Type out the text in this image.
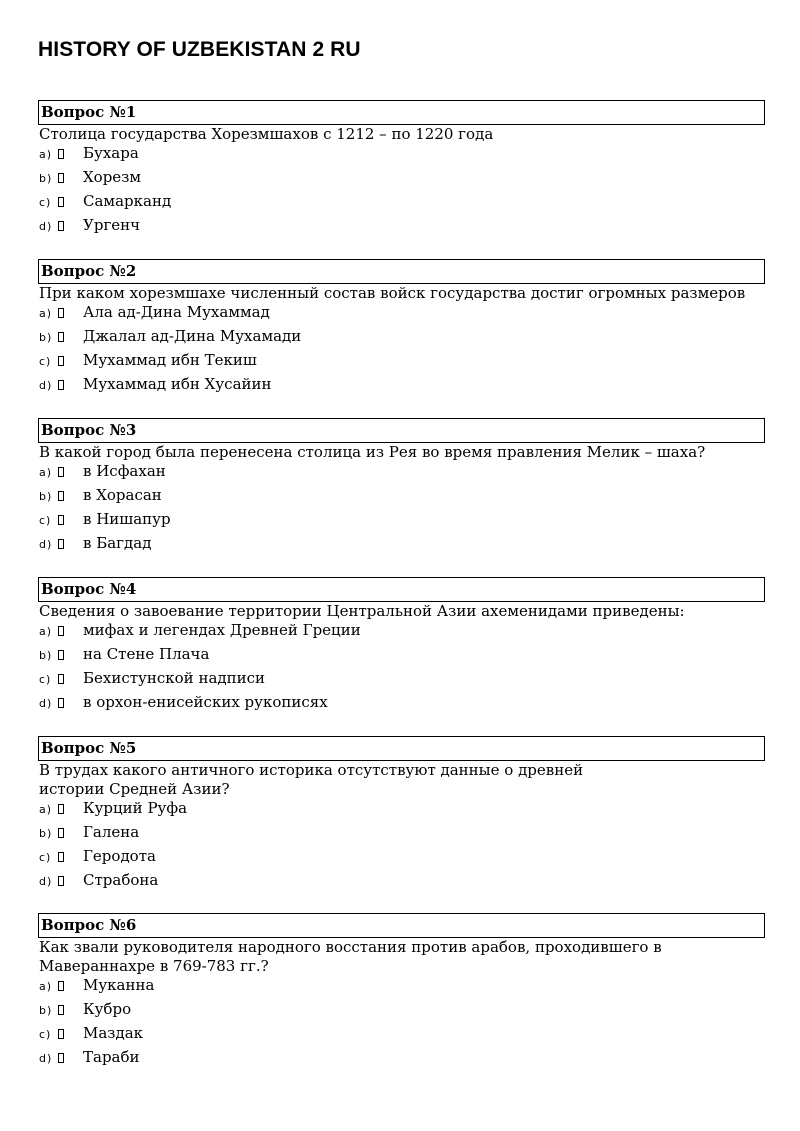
HISTORY OF UZBEKISTAN 2 RU
Вопрос №1
Столица государства Хорезмшахов с 1212 – по 1220 года
a) Бухара
b) Хорезм
c) Самарканд
d) Ургенч
Вопрос №2
При каком хорезмшахе численный состав войск государства достиг огромных размеров
a) Ала ад-Дина Мухаммад
b) Джалал ад-Дина Мухамади
c) Мухаммад ибн Текиш
d) Мухаммад ибн Хусайин
Вопрос №3
В какой город была перенесена столица из Рея во время правления Мелик – шаха?
a) в Исфахан
b) в Хорасан
c) в Нишапур
d) в Багдад
Вопрос №4
Сведения о завоевание территории Центральной Азии ахеменидами приведены:
a) мифах и легендах Древней Греции
b) на Стене Плача
c) Бехистунской надписи
d) в орхон-енисейских рукописях
Вопрос №5
В трудах какого античного историка отсутствуют данные о древней
истории Средней Азии?
a) Курций Руфа
b) Галена
c) Геродота
d) Страбона
Вопрос №6
Как звали руководителя народного восстания против арабов, проходившего в
Мавераннахре в 769-783 гг.?
a) Муканна
b) Кубро
c) Маздак
d) Тараби
